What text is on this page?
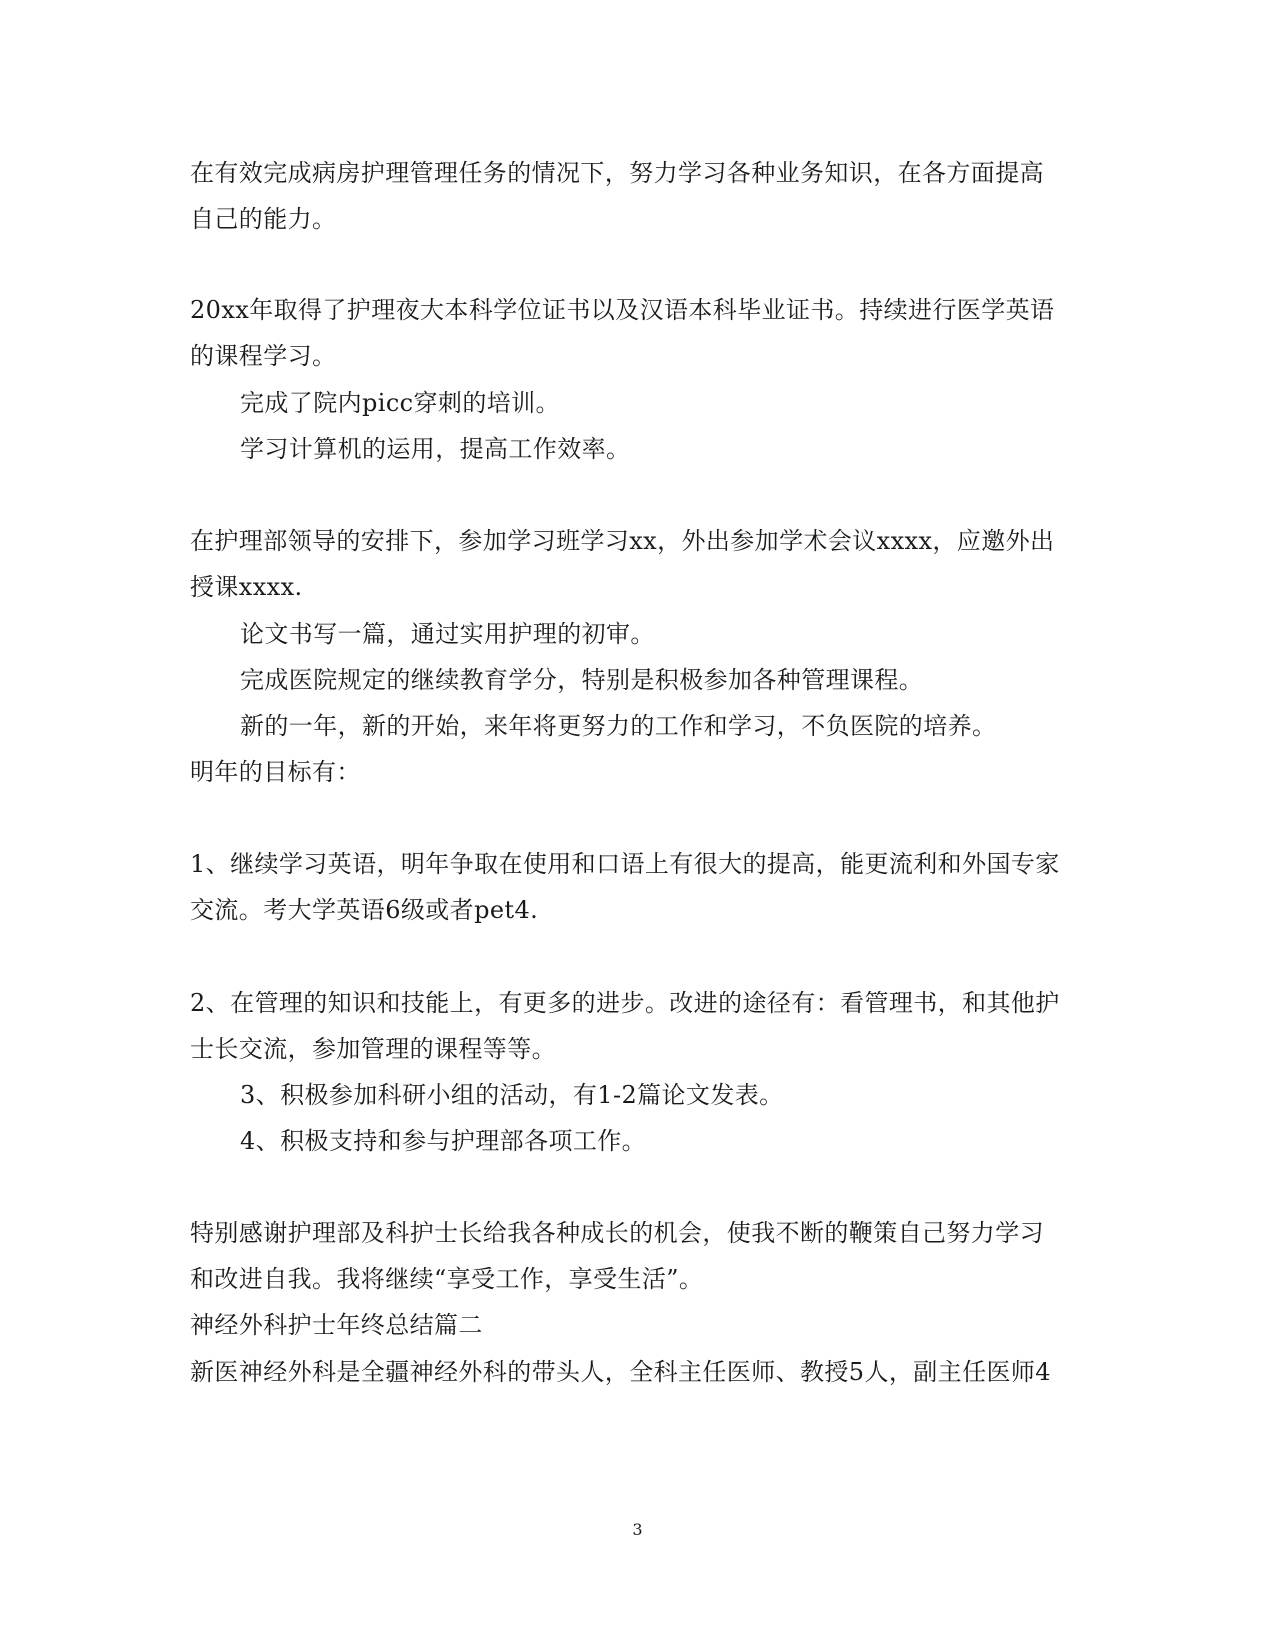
在有效完成病房护理管理任务的情况下，努力学习各种业务知识，在各方面提高
自己的能力。
20xx年取得了护理夜大本科学位证书以及汉语本科毕业证书。持续进行医学英语
的课程学习。
完成了院内picc穿刺的培训。
学习计算机的运用，提高工作效率。
在护理部领导的安排下，参加学习班学习xx，外出参加学术会议xxxx，应邀外出
授课xxxx.
论文书写一篇，通过实用护理的初审。
完成医院规定的继续教育学分，特别是积极参加各种管理课程。
新的一年，新的开始，来年将更努力的工作和学习，不负医院的培养。
明年的目标有：
1、继续学习英语，明年争取在使用和口语上有很大的提高，能更流利和外国专家
交流。考大学英语6级或者pet4.
2、在管理的知识和技能上，有更多的进步。改进的途径有：看管理书，和其他护
士长交流，参加管理的课程等等。
3、积极参加科研小组的活动，有1-2篇论文发表。
4、积极支持和参与护理部各项工作。
特别感谢护理部及科护士长给我各种成长的机会，使我不断的鞭策自己努力学习
和改进自我。我将继续“享受工作，享受生活”。
神经外科护士年终总结篇二
新医神经外科是全疆神经外科的带头人，全科主任医师、教授5人，副主任医师4
3
